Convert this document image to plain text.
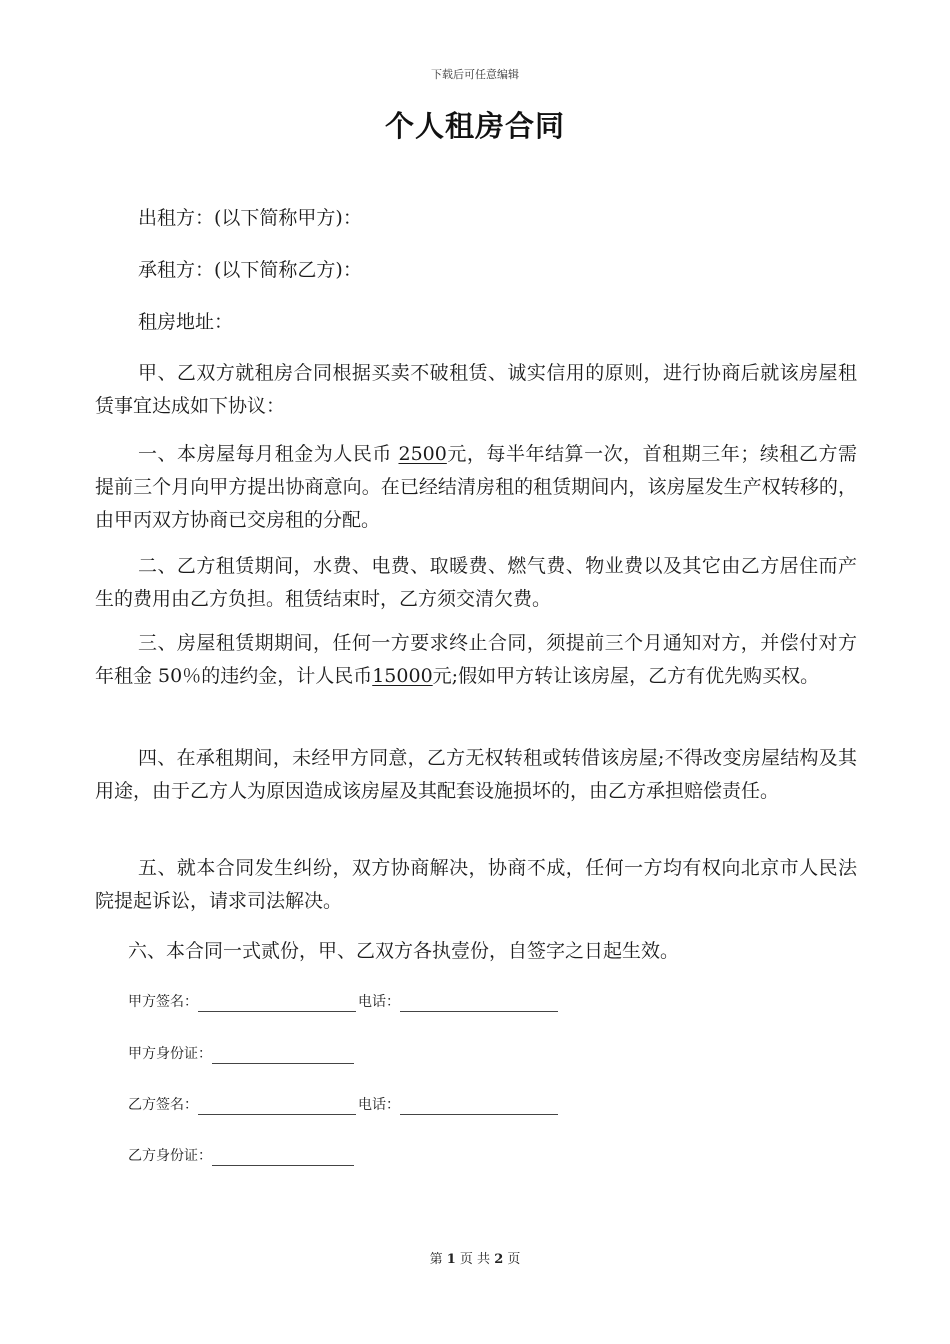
下载后可任意编辑
个人租房合同
出租方：(以下简称甲方)：
承租方：(以下简称乙方)：
租房地址：
甲、乙双方就租房合同根据买卖不破租赁、诚实信用的原则，进行协商后就该房屋租赁事宜达成如下协议：
一、本房屋每月租金为人民币 2500元，每半年结算一次，首租期三年；续租乙方需提前三个月向甲方提出协商意向。在已经结清房租的租赁期间内，该房屋发生产权转移的，由甲丙双方协商已交房租的分配。
二、乙方租赁期间，水费、电费、取暖费、燃气费、物业费以及其它由乙方居住而产生的费用由乙方负担。租赁结束时，乙方须交清欠费。
三、房屋租赁期期间，任何一方要求终止合同，须提前三个月通知对方，并偿付对方年租金 50％的违约金，计人民币15000元;假如甲方转让该房屋，乙方有优先购买权。
四、在承租期间，未经甲方同意，乙方无权转租或转借该房屋;不得改变房屋结构及其用途，由于乙方人为原因造成该房屋及其配套设施损坏的，由乙方承担赔偿责任。
五、就本合同发生纠纷，双方协商解决，协商不成，任何一方均有权向北京市人民法院提起诉讼，请求司法解决。
六、本合同一式贰份，甲、乙双方各执壹份，自签字之日起生效。
甲方签名：	电话：
甲方身份证：
乙方签名：	电话：
乙方身份证：
第 1 页 共 2 页
